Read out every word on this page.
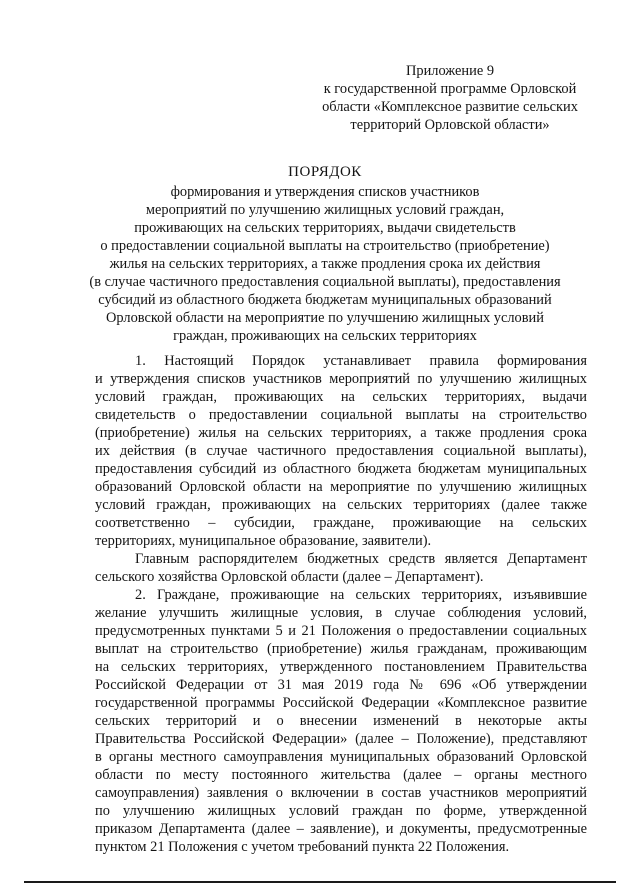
Приложение 9
к государственной программе Орловской
области «Комплексное развитие сельских
территорий Орловской области»
ПОРЯДОК
формирования и утверждения списков участников
мероприятий по улучшению жилищных условий граждан,
проживающих на сельских территориях, выдачи свидетельств
о предоставлении социальной выплаты на строительство (приобретение)
жилья на сельских территориях, а также продления срока их действия
(в случае частичного предоставления социальной выплаты), предоставления
субсидий из областного бюджета бюджетам муниципальных образований
Орловской области на мероприятие по улучшению жилищных условий
граждан, проживающих на сельских территориях
1. Настоящий Порядок устанавливает правила формирования
и утверждения списков участников мероприятий по улучшению жилищных
условий граждан, проживающих на сельских территориях, выдачи
свидетельств о предоставлении социальной выплаты на строительство
(приобретение) жилья на сельских территориях, а также продления срока
их действия (в случае частичного предоставления социальной выплаты),
предоставления субсидий из областного бюджета бюджетам муниципальных
образований Орловской области на мероприятие по улучшению жилищных
условий граждан, проживающих на сельских территориях (далее также
соответственно – субсидии, граждане, проживающие на сельских
территориях, муниципальное образование, заявители).
Главным распорядителем бюджетных средств является Департамент
сельского хозяйства Орловской области (далее – Департамент).
2. Граждане, проживающие на сельских территориях, изъявившие
желание улучшить жилищные условия, в случае соблюдения условий,
предусмотренных пунктами 5 и 21 Положения о предоставлении социальных
выплат на строительство (приобретение) жилья гражданам, проживающим
на сельских территориях, утвержденного постановлением Правительства
Российской Федерации от 31 мая 2019 года № 696 «Об утверждении
государственной программы Российской Федерации «Комплексное развитие
сельских территорий и о внесении изменений в некоторые акты
Правительства Российской Федерации» (далее – Положение), представляют
в органы местного самоуправления муниципальных образований Орловской
области по месту постоянного жительства (далее – органы местного
самоуправления) заявления о включении в состав участников мероприятий
по улучшению жилищных условий граждан по форме, утвержденной
приказом Департамента (далее – заявление), и документы, предусмотренные
пунктом 21 Положения с учетом требований пункта 22 Положения.
